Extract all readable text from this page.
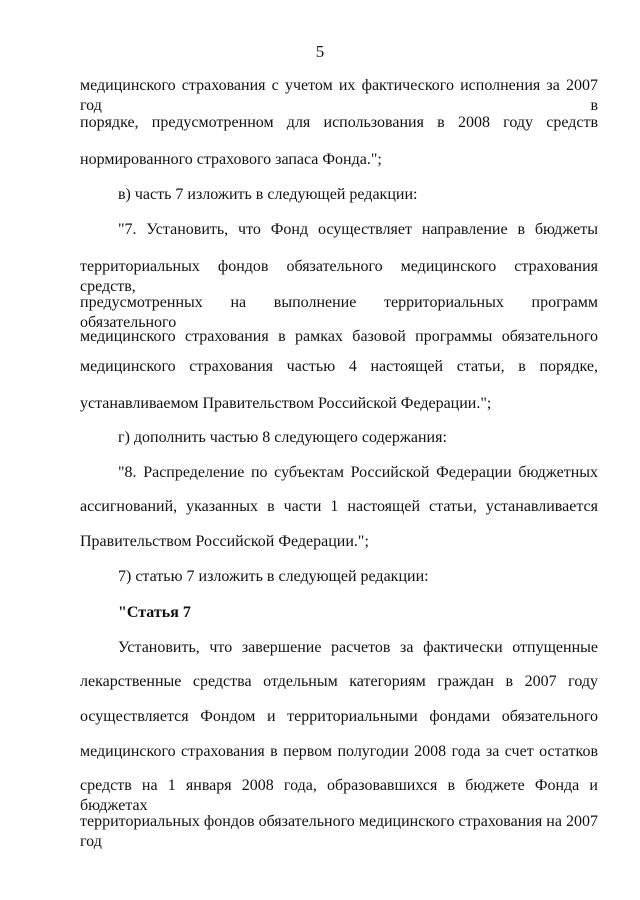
5
медицинского страхования с учетом их фактического исполнения за 2007 год в
порядке, предусмотренном для использования в 2008 году средств
нормированного страхового запаса Фонда.";
в) часть 7 изложить в следующей редакции:
"7. Установить, что Фонд осуществляет направление в бюджеты
территориальных фондов обязательного медицинского страхования средств,
предусмотренных на выполнение территориальных программ обязательного
медицинского страхования в рамках базовой программы обязательного
медицинского страхования частью 4 настоящей статьи, в порядке,
устанавливаемом Правительством Российской Федерации.";
г) дополнить частью 8 следующего содержания:
"8. Распределение по субъектам Российской Федерации бюджетных
ассигнований, указанных в части 1 настоящей статьи, устанавливается
Правительством Российской Федерации.";
7) статью 7 изложить в следующей редакции:
"Статья 7
Установить, что завершение расчетов за фактически отпущенные
лекарственные средства отдельным категориям граждан в 2007 году
осуществляется Фондом и территориальными фондами обязательного
медицинского страхования в первом полугодии 2008 года за счет остатков
средств на 1 января 2008 года, образовавшихся в бюджете Фонда и бюджетах
территориальных фондов обязательного медицинского страхования на 2007 год
